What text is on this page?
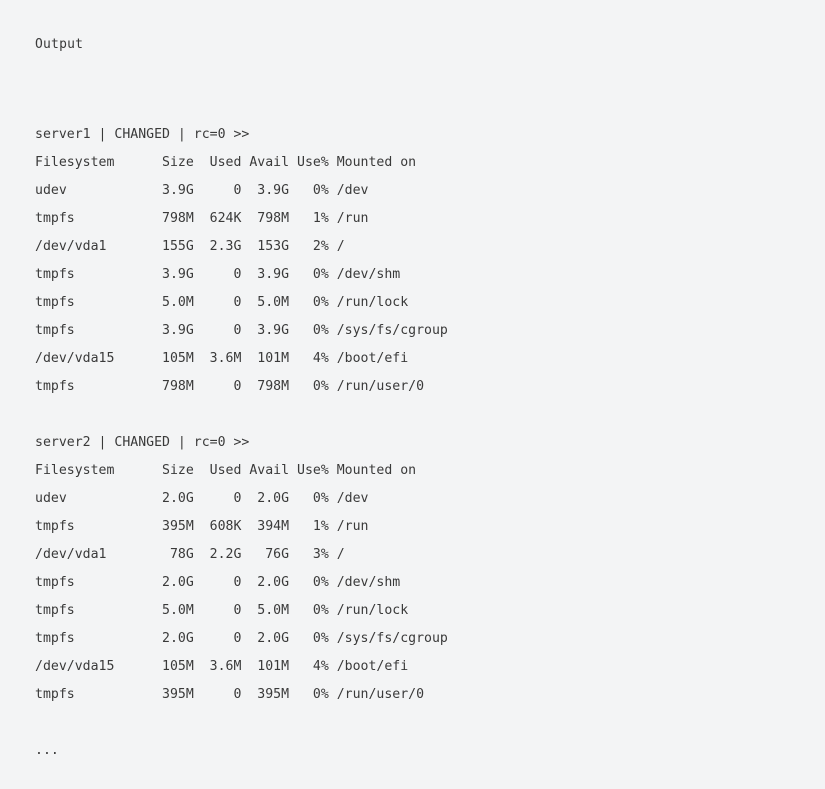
Output
server1 | CHANGED | rc=0 >>
Filesystem      Size  Used Avail Use% Mounted on
udev            3.9G     0  3.9G   0% /dev
tmpfs           798M  624K  798M   1% /run
/dev/vda1       155G  2.3G  153G   2% /
tmpfs           3.9G     0  3.9G   0% /dev/shm
tmpfs           5.0M     0  5.0M   0% /run/lock
tmpfs           3.9G     0  3.9G   0% /sys/fs/cgroup
/dev/vda15      105M  3.6M  101M   4% /boot/efi
tmpfs           798M     0  798M   0% /run/user/0
server2 | CHANGED | rc=0 >>
Filesystem      Size  Used Avail Use% Mounted on
udev            2.0G     0  2.0G   0% /dev
tmpfs           395M  608K  394M   1% /run
/dev/vda1        78G  2.2G   76G   3% /
tmpfs           2.0G     0  2.0G   0% /dev/shm
tmpfs           5.0M     0  5.0M   0% /run/lock
tmpfs           2.0G     0  2.0G   0% /sys/fs/cgroup
/dev/vda15      105M  3.6M  101M   4% /boot/efi
tmpfs           395M     0  395M   0% /run/user/0
...
